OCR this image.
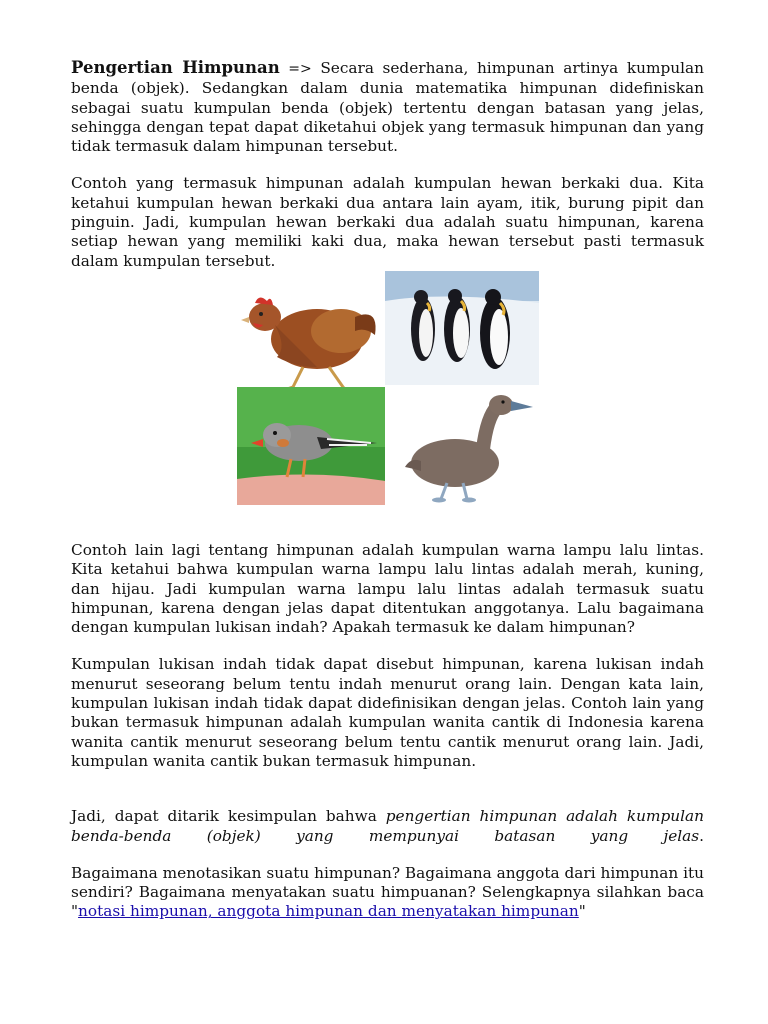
Pengertian Himpunan => Secara sederhana, himpunan artinya kumpulan benda (objek). Sedangkan dalam dunia matematika himpunan didefiniskan sebagai suatu kumpulan benda (objek) tertentu dengan batasan yang jelas, sehingga dengan tepat dapat diketahui objek yang termasuk himpunan dan yang tidak termasuk dalam himpunan tersebut.

Contoh yang termasuk himpunan adalah kumpulan hewan berkaki dua. Kita ketahui kumpulan hewan berkaki dua antara lain ayam, itik, burung pipit dan pinguin. Jadi, kumpulan hewan berkaki dua adalah suatu himpunan, karena setiap hewan yang memiliki kaki dua, maka hewan tersebut pasti termasuk dalam kumpulan tersebut.

Contoh lain lagi tentang himpunan adalah kumpulan warna lampu lalu lintas. Kita ketahui bahwa kumpulan warna lampu lalu lintas adalah merah, kuning, dan hijau. Jadi kumpulan warna lampu lalu lintas adalah termasuk suatu himpunan, karena dengan jelas dapat ditentukan anggotanya. Lalu bagaimana dengan kumpulan lukisan indah? Apakah termasuk ke dalam himpunan?

Kumpulan lukisan indah tidak dapat disebut himpunan, karena lukisan indah menurut seseorang belum tentu indah menurut orang lain. Dengan kata lain, kumpulan lukisan indah tidak dapat didefinisikan dengan jelas. Contoh lain yang bukan termasuk himpunan adalah kumpulan wanita cantik di Indonesia karena wanita cantik menurut seseorang belum tentu cantik menurut orang lain. Jadi, kumpulan wanita cantik bukan termasuk himpunan.

Jadi, dapat ditarik kesimpulan bahwa pengertian himpunan adalah kumpulan benda-benda (objek) yang mempunyai batasan yang jelas.

Bagaimana menotasikan suatu himpunan? Bagaimana anggota dari himpunan itu sendiri? Bagaimana menyatakan suatu himpuanan? Selengkapnya silahkan baca "notasi himpunan, anggota himpunan dan menyatakan himpunan"
